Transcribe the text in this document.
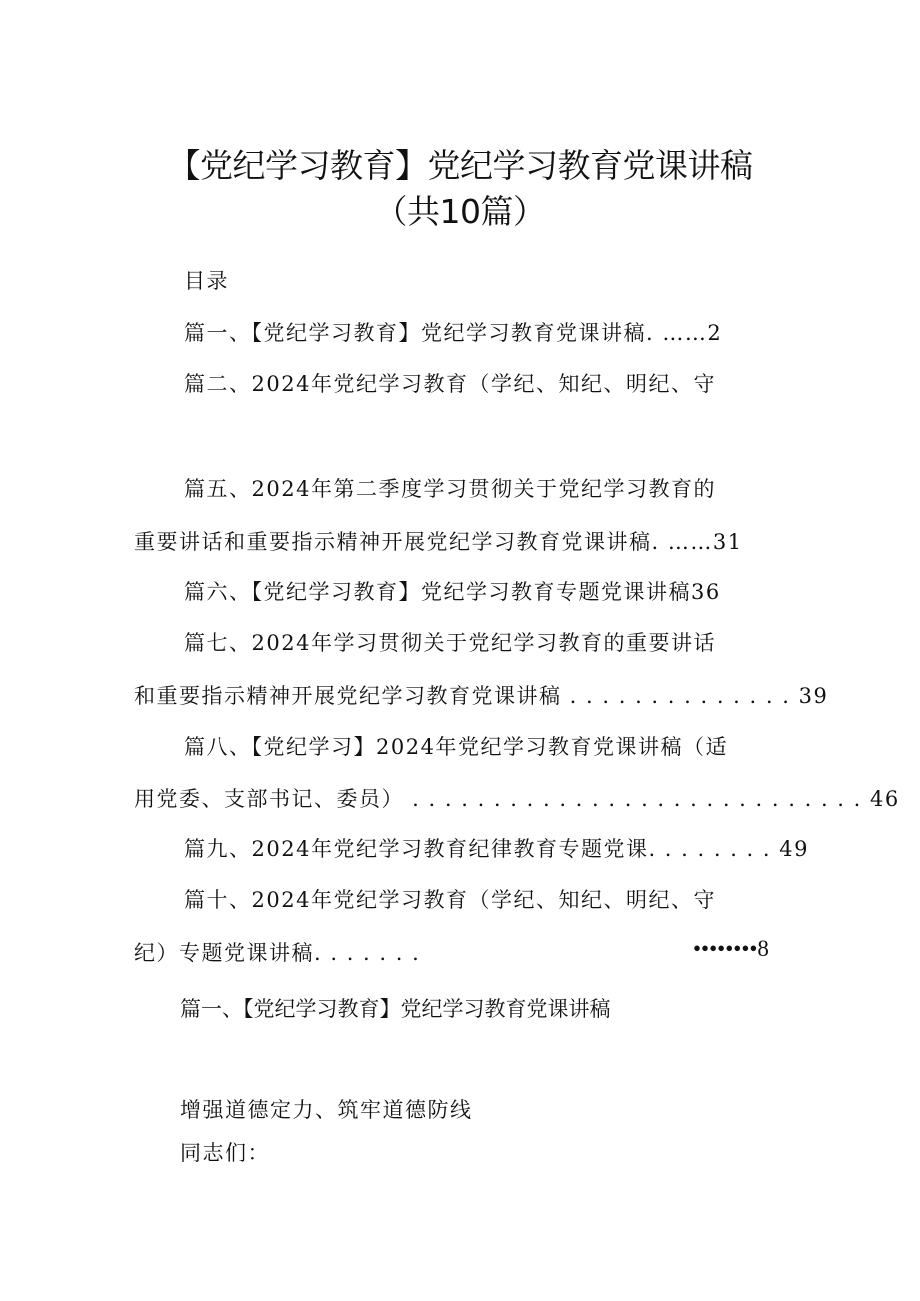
【党纪学习教育】党纪学习教育党课讲稿
（共10篇）
目录
篇一、【党纪学习教育】党纪学习教育党课讲稿. ……2
篇二、2024年党纪学习教育（学纪、知纪、明纪、守
篇五、2024年第二季度学习贯彻关于党纪学习教育的
重要讲话和重要指示精神开展党纪学习教育党课讲稿. ……31
篇六、【党纪学习教育】党纪学习教育专题党课讲稿36
篇七、2024年学习贯彻关于党纪学习教育的重要讲话
和重要指示精神开展党纪学习教育党课讲稿 . . . . . . . . . . . . . . 39
篇八、【党纪学习】2024年党纪学习教育党课讲稿（适
用党委、支部书记、委员） . . . . . . . . . . . . . . . . . . . . . . . . . . . . 46
篇九、2024年党纪学习教育纪律教育专题党课. . . . . . . . 49
篇十、2024年党纪学习教育（学纪、知纪、明纪、守
纪）专题党课讲稿. . . . . . .	••••••••8
篇一、【党纪学习教育】党纪学习教育党课讲稿
增强道德定力、筑牢道德防线
同志们：
